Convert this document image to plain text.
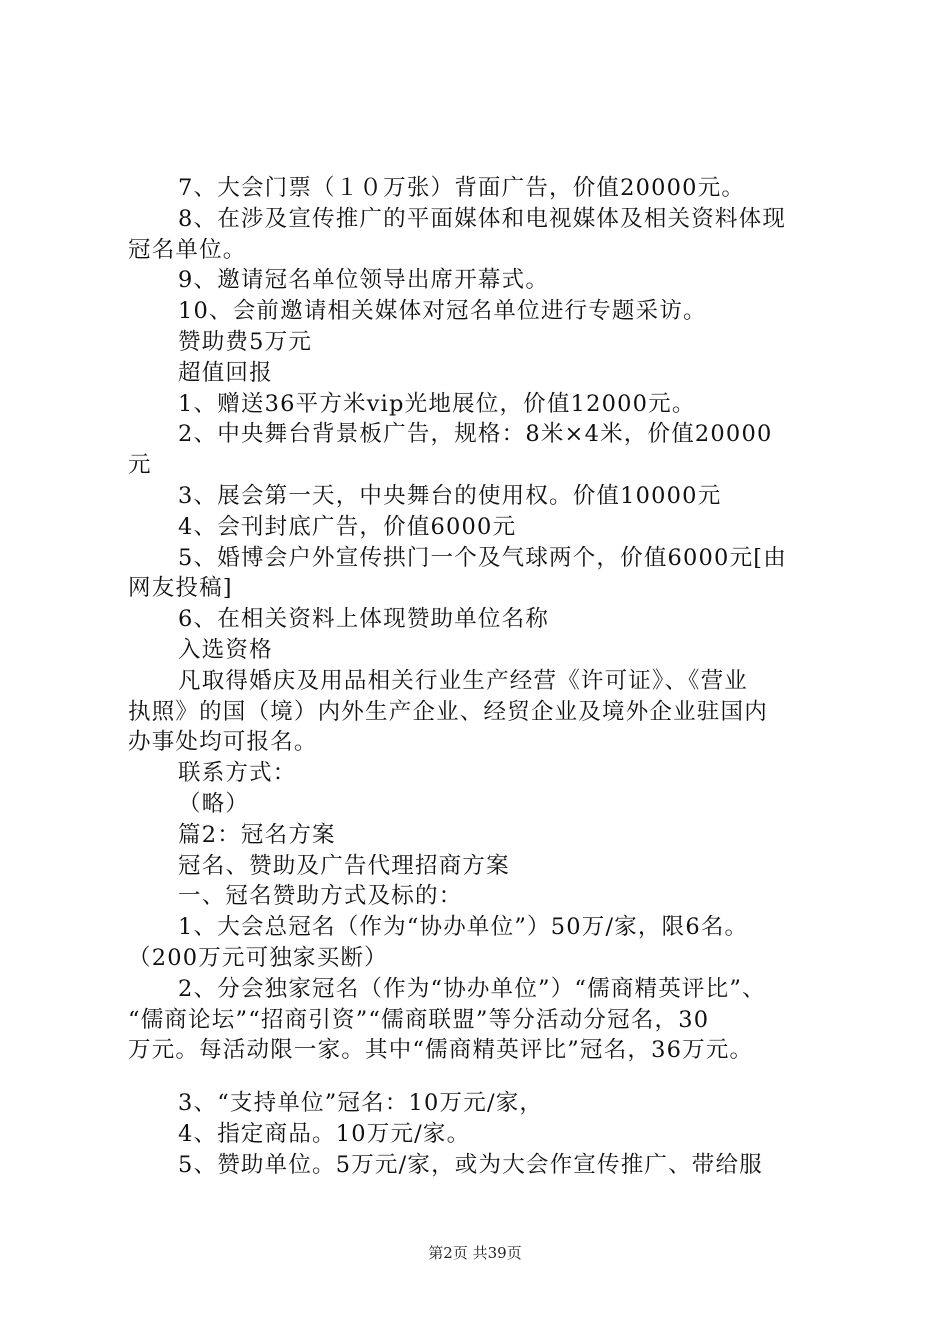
7、大会门票（１０万张）背面广告，价值20000元。
8、在涉及宣传推广的平面媒体和电视媒体及相关资料体现
冠名单位。
9、邀请冠名单位领导出席开幕式。
10、会前邀请相关媒体对冠名单位进行专题采访。
赞助费5万元
超值回报
1、赠送36平方米vip光地展位，价值12000元。
2、中央舞台背景板广告，规格：8米×4米，价值20000
元
3、展会第一天，中央舞台的使用权。价值10000元
4、会刊封底广告，价值6000元
5、婚博会户外宣传拱门一个及气球两个，价值6000元[由
网友投稿]
6、在相关资料上体现赞助单位名称
入选资格
凡取得婚庆及用品相关行业生产经营《许可证》、《营业
执照》的国（境）内外生产企业、经贸企业及境外企业驻国内
办事处均可报名。
联系方式：
（略）
篇2：冠名方案
冠名、赞助及广告代理招商方案
一、冠名赞助方式及标的：
1、大会总冠名（作为“协办单位”）50万/家，限6名。
（200万元可独家买断）
2、分会独家冠名（作为“协办单位”）“儒商精英评比”、
“儒商论坛”“招商引资”“儒商联盟”等分活动分冠名，30
万元。每活动限一家。其中“儒商精英评比”冠名，36万元。
3、“支持单位”冠名：10万元/家，
4、指定商品。10万元/家。
5、赞助单位。5万元/家，或为大会作宣传推广、带给服
第2页 共39页
